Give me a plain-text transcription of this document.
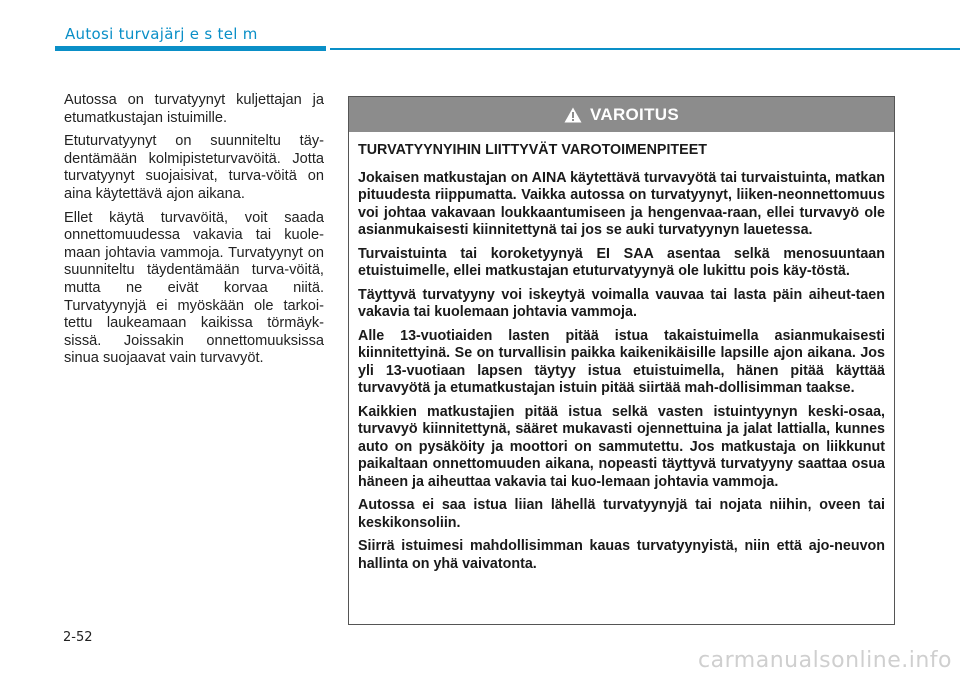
Autosi turvajärj e s tel m

Autossa on turvatyynyt kuljettajan ja etumatkustajan istuimille.

Etuturvatyynyt on suunniteltu täy-dentämään kolmipisteturvavöitä. Jotta turvatyynyt suojaisivat, turva-vöitä on aina käytettävä ajon aikana.

Ellet käytä turvavöitä, voit saada onnettomuudessa vakavia tai kuole-maan johtavia vammoja. Turvatyynyt on suunniteltu täydentämään turva-vöitä, mutta ne eivät korvaa niitä. Turvatyynyjä ei myöskään ole tarkoi-tettu laukeamaan kaikissa törmäyk-sissä. Joissakin onnettomuuksissa sinua suojaavat vain turvavyöt.

VAROITUS

TURVATYYNYIHIN LIITTYVÄT VAROTOIMENPITEET

Jokaisen matkustajan on AINA käytettävä turvavyötä tai turvaistuinta, matkan pituudesta riippumatta. Vaikka autossa on turvatyynyt, liiken-neonnettomuus voi johtaa vakavaan loukkaantumiseen ja hengenvaa-raan, ellei turvavyö ole asianmukaisesti kiinnitettynä tai jos se auki turvatyynyn lauetessa.

Turvaistuinta tai koroketyynyä EI SAA asentaa selkä menosuuntaan etuistuimelle, ellei matkustajan etuturvatyynyä ole lukittu pois käy-töstä.

Täyttyvä turvatyyny voi iskeytyä voimalla vauvaa tai lasta päin aiheut-taen vakavia tai kuolemaan johtavia vammoja.

Alle 13-vuotiaiden lasten pitää istua takaistuimella asianmukaisesti kiinnitettyinä. Se on turvallisin paikka kaikenikäisille lapsille ajon aikana. Jos yli 13-vuotiaan lapsen täytyy istua etuistuimella, hänen pitää käyttää turvavyötä ja etumatkustajan istuin pitää siirtää mah-dollisimman taakse.

Kaikkien matkustajien pitää istua selkä vasten istuintyynyn keski-osaa, turvavyö kiinnitettynä, sääret mukavasti ojennettuina ja jalat lattialla, kunnes auto on pysäköity ja moottori on sammutettu. Jos matkustaja on liikkunut paikaltaan onnettomuuden aikana, nopeasti täyttyvä turvatyyny saattaa osua häneen ja aiheuttaa vakavia tai kuo-lemaan johtavia vammoja.

Autossa ei saa istua liian lähellä turvatyynyjä tai nojata niihin, oveen tai keskikonsoliin.

Siirrä istuimesi mahdollisimman kauas turvatyynyistä, niin että ajo-neuvon hallinta on yhä vaivatonta.

2-52
carmanualsonline.info
